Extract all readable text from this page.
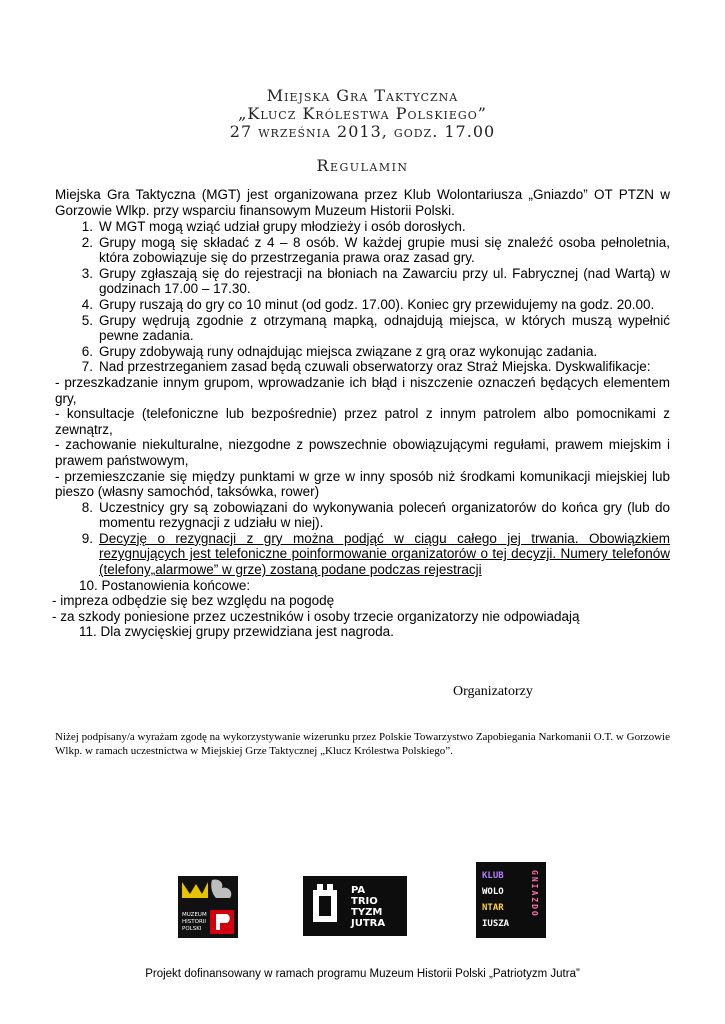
Miejska Gra Taktyczna
„Klucz Królestwa Polskiego”
27 września 2013, godz. 17.00
Regulamin
Miejska Gra Taktyczna (MGT) jest organizowana przez Klub Wolontariusza „Gniazdo” OT PTZN w Gorzowie Wlkp. przy wsparciu finansowym Muzeum Historii Polski.
1. W MGT mogą wziąć udział grupy młodzieży i osób dorosłych.
2. Grupy mogą się składać z 4 – 8 osób. W każdej grupie musi się znaleźć osoba pełnoletnia, która zobowiązuje się do przestrzegania prawa oraz zasad gry.
3. Grupy zgłaszają się do rejestracji na błoniach na Zawarciu przy ul. Fabrycznej (nad Wartą) w godzinach 17.00 – 17.30.
4. Grupy ruszają do gry co 10 minut (od godz. 17.00). Koniec gry przewidujemy na godz. 20.00.
5. Grupy wędrują zgodnie z otrzymaną mapką, odnajdują miejsca, w których muszą wypełnić pewne zadania.
6. Grupy zdobywają runy odnajdując miejsca związane z grą oraz wykonując zadania.
7. Nad przestrzeganiem zasad będą czuwali obserwatorzy oraz Straż Miejska. Dyskwalifikacje:
- przeszkadzanie innym grupom, wprowadzanie ich błąd i niszczenie oznaczeń będących elementem gry,
- konsultacje (telefoniczne lub bezpośrednie) przez patrol z innym patrolem albo pomocnikami z zewnątrz,
- zachowanie niekulturalne, niezgodne z powszechnie obowiązującymi regułami, prawem miejskim i prawem państwowym,
- przemieszczanie się między punktami w grze w inny sposób niż środkami komunikacji miejskiej lub pieszo (własny samochód, taksówka, rower)
8. Uczestnicy gry są zobowiązani do wykonywania poleceń organizatorów do końca gry (lub do momentu rezygnacji z udziału w niej).
9. Decyzję o rezygnacji z gry można podjąć w ciągu całego jej trwania. Obowiązkiem rezygnujących jest telefoniczne poinformowanie organizatorów o tej decyzji. Numery telefonów (telefony„alarmowe” w grze) zostaną podane podczas rejestracji
10. Postanowienia końcowe:
- impreza odbędzie się bez względu na pogodę
- za szkody poniesione przez uczestników i osoby trzecie organizatorzy nie odpowiadają
11. Dla zwycięskiej grupy przewidziana jest nagroda.
Organizatorzy
Niżej podpisany/a wyrażam zgodę na wykorzystywanie wizerunku przez Polskie Towarzystwo Zapobiegania Narkomanii O.T. w Gorzowie Wlkp. w ramach uczestnictwa w Miejskiej Grze Taktycznej „Klucz Królestwa Polskiego”.
MUZEUM
HISTORII
POLSKI
PA
TRIO
TYZM
JUTRA
KLUB
WOLO
NTAR
IUSZA
GNIAZDO
Projekt dofinansowany w ramach programu Muzeum Historii Polski „Patriotyzm Jutra”
